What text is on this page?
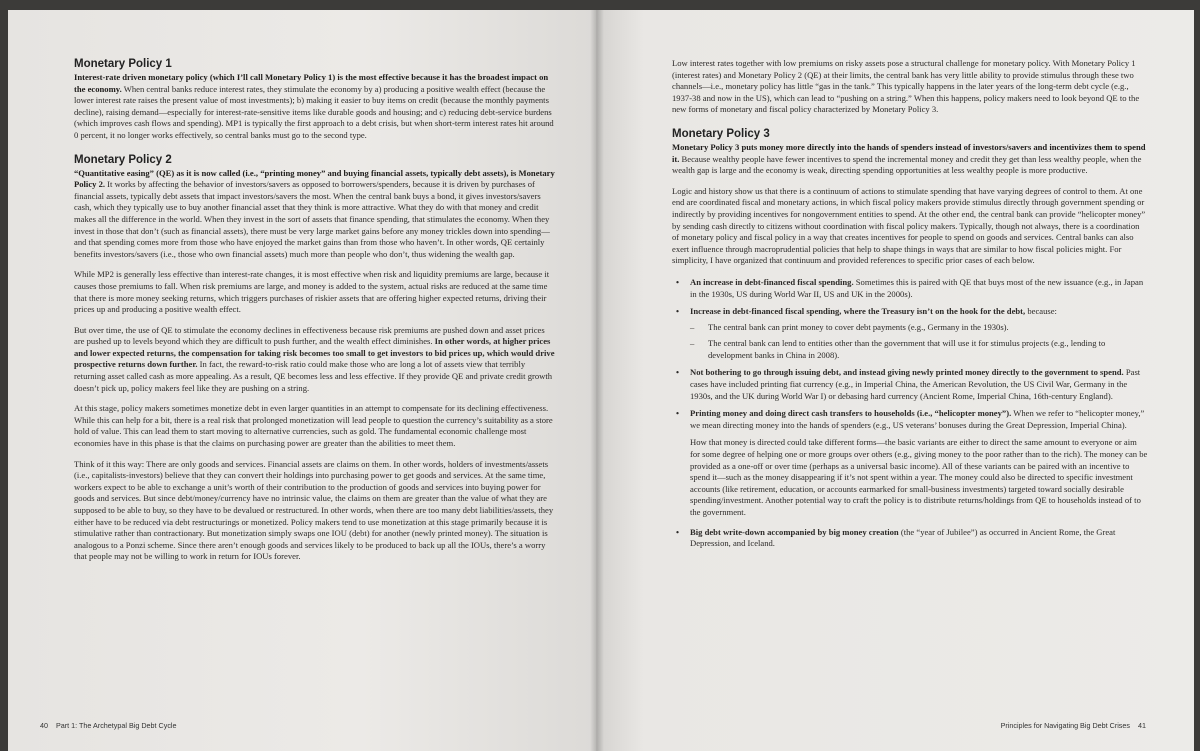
Monetary Policy 1

Interest-rate driven monetary policy (which I’ll call Monetary Policy 1) is the most effective because it has the broadest impact on the economy. When central banks reduce interest rates, they stimulate the economy by a) producing a positive wealth effect (because the lower interest rate raises the present value of most investments); b) making it easier to buy items on credit (because the monthly payments decline), raising demand—especially for interest-rate-sensitive items like durable goods and housing; and c) reducing debt-service burdens (which improves cash flows and spending). MP1 is typically the first approach to a debt crisis, but when short-term interest rates hit around 0 percent, it no longer works effectively, so central banks must go to the second type.

Monetary Policy 2

“Quantitative easing” (QE) as it is now called (i.e., “printing money” and buying financial assets, typically debt assets), is Monetary Policy 2. It works by affecting the behavior of investors/savers as opposed to borrowers/spenders, because it is driven by purchases of financial assets, typically debt assets that impact investors/savers the most. When the central bank buys a bond, it gives investors/savers cash, which they typically use to buy another financial asset that they think is more attractive. What they do with that money and credit makes all the difference in the world. When they invest in the sort of assets that finance spending, that stimulates the economy. When they invest in those that don’t (such as financial assets), there must be very large market gains before any money trickles down into spending—and that spending comes more from those who have enjoyed the market gains than from those who haven’t. In other words, QE certainly benefits investors/savers (i.e., those who own financial assets) much more than people who don’t, thus widening the wealth gap.

While MP2 is generally less effective than interest-rate changes, it is most effective when risk and liquidity premiums are large, because it causes those premiums to fall. When risk premiums are large, and money is added to the system, actual risks are reduced at the same time that there is more money seeking returns, which triggers purchases of riskier assets that are offering higher expected returns, driving their prices up and producing a positive wealth effect.

But over time, the use of QE to stimulate the economy declines in effectiveness because risk premiums are pushed down and asset prices are pushed up to levels beyond which they are difficult to push further, and the wealth effect diminishes. In other words, at higher prices and lower expected returns, the compensation for taking risk becomes too small to get investors to bid prices up, which would drive prospective returns down further. In fact, the reward-to-risk ratio could make those who are long a lot of assets view that terribly returning asset called cash as more appealing. As a result, QE becomes less and less effective. If they provide QE and private credit growth doesn’t pick up, policy makers feel like they are pushing on a string.

At this stage, policy makers sometimes monetize debt in even larger quantities in an attempt to compensate for its declining effectiveness. While this can help for a bit, there is a real risk that prolonged monetization will lead people to question the currency’s suitability as a store hold of value. This can lead them to start moving to alternative currencies, such as gold. The fundamental economic challenge most economies have in this phase is that the claims on purchasing power are greater than the abilities to meet them.

Think of it this way: There are only goods and services. Financial assets are claims on them. In other words, holders of investments/assets (i.e., capitalists-investors) believe that they can convert their holdings into purchasing power to get goods and services. At the same time, workers expect to be able to exchange a unit’s worth of their contribution to the production of goods and services into buying power for goods and services. But since debt/money/currency have no intrinsic value, the claims on them are greater than the value of what they are supposed to be able to buy, so they have to be devalued or restructured. In other words, when there are too many debt liabilities/assets, they either have to be reduced via debt restructurings or monetized. Policy makers tend to use monetization at this stage primarily because it is stimulative rather than contractionary. But monetization simply swaps one IOU (debt) for another (newly printed money). The situation is analogous to a Ponzi scheme. Since there aren’t enough goods and services likely to be produced to back up all the IOUs, there’s a worry that people may not be willing to work in return for IOUs forever.

40 Part 1: The Archetypal Big Debt Cycle

Low interest rates together with low premiums on risky assets pose a structural challenge for monetary policy. With Monetary Policy 1 (interest rates) and Monetary Policy 2 (QE) at their limits, the central bank has very little ability to provide stimulus through these two channels—i.e., monetary policy has little “gas in the tank.” This typically happens in the later years of the long-term debt cycle (e.g., 1937-38 and now in the US), which can lead to “pushing on a string.” When this happens, policy makers need to look beyond QE to the new forms of monetary and fiscal policy characterized by Monetary Policy 3.

Monetary Policy 3

Monetary Policy 3 puts money more directly into the hands of spenders instead of investors/savers and incentivizes them to spend it. Because wealthy people have fewer incentives to spend the incremental money and credit they get than less wealthy people, when the wealth gap is large and the economy is weak, directing spending opportunities at less wealthy people is more productive.

Logic and history show us that there is a continuum of actions to stimulate spending that have varying degrees of control to them. At one end are coordinated fiscal and monetary actions, in which fiscal policy makers provide stimulus directly through government spending or indirectly by providing incentives for nongovernment entities to spend. At the other end, the central bank can provide “helicopter money” by sending cash directly to citizens without coordination with fiscal policy makers. Typically, though not always, there is a coordination of monetary policy and fiscal policy in a way that creates incentives for people to spend on goods and services. Central banks can also exert influence through macroprudential policies that help to shape things in ways that are similar to how fiscal policies might. For simplicity, I have organized that continuum and provided references to specific prior cases of each below.

• An increase in debt-financed fiscal spending. Sometimes this is paired with QE that buys most of the new issuance (e.g., in Japan in the 1930s, US during World War II, US and UK in the 2000s).
• Increase in debt-financed fiscal spending, where the Treasury isn’t on the hook for the debt, because:
– The central bank can print money to cover debt payments (e.g., Germany in the 1930s).
– The central bank can lend to entities other than the government that will use it for stimulus projects (e.g., lending to development banks in China in 2008).
• Not bothering to go through issuing debt, and instead giving newly printed money directly to the government to spend. Past cases have included printing fiat currency (e.g., in Imperial China, the American Revolution, the US Civil War, Germany in the 1930s, and the UK during World War I) or debasing hard currency (Ancient Rome, Imperial China, 16th-century England).
• Printing money and doing direct cash transfers to households (i.e., “helicopter money”). When we refer to “helicopter money,” we mean directing money into the hands of spenders (e.g., US veterans’ bonuses during the Great Depression, Imperial China).

How that money is directed could take different forms—the basic variants are either to direct the same amount to everyone or aim for some degree of helping one or more groups over others (e.g., giving money to the poor rather than to the rich). The money can be provided as a one-off or over time (perhaps as a universal basic income). All of these variants can be paired with an incentive to spend it—such as the money disappearing if it’s not spent within a year. The money could also be directed to specific investment accounts (like retirement, education, or accounts earmarked for small-business investments) targeted toward socially desirable spending/investment. Another potential way to craft the policy is to distribute returns/holdings from QE to households instead of to the government.

• Big debt write-down accompanied by big money creation (the “year of Jubilee”) as occurred in Ancient Rome, the Great Depression, and Iceland.
Principles for Navigating Big Debt Crises 41
